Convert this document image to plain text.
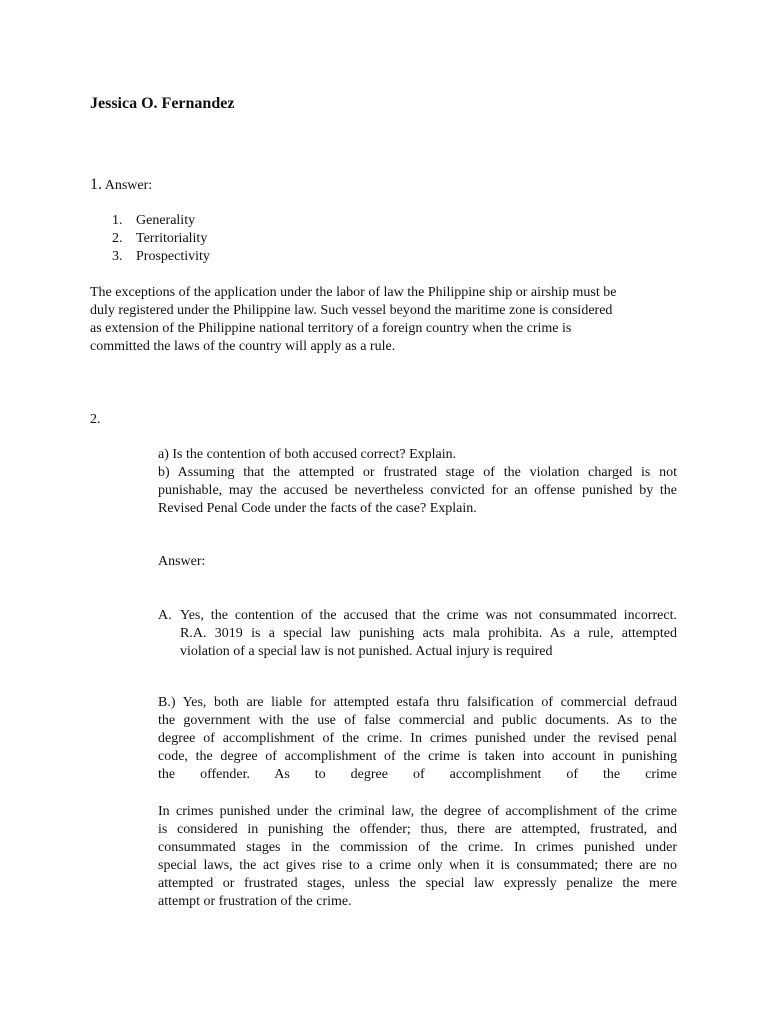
Jessica O. Fernandez
1. Answer:
1. Generality
2. Territoriality
3. Prospectivity
The exceptions of the application under the labor of law the Philippine ship or airship must be
duly registered under the Philippine law. Such vessel beyond the maritime zone is considered
as extension of the Philippine national territory of a foreign country when the crime is
committed the laws of the country will apply as a rule.
2.
a) Is the contention of both accused correct? Explain.
b) Assuming that the attempted or frustrated stage of the violation charged is not
punishable, may the accused be nevertheless convicted for an offense punished by the
Revised Penal Code under the facts of the case? Explain.
Answer:
A. Yes, the contention of the accused that the crime was not consummated incorrect.
R.A. 3019 is a special law punishing acts mala prohibita. As a rule, attempted
violation of a special law is not punished. Actual injury is required
B.) Yes, both are liable for attempted estafa thru falsification of commercial defraud
the government with the use of false commercial and public documents. As to the
degree of accomplishment of the crime. In crimes punished under the revised penal
code, the degree of accomplishment of the crime is taken into account in punishing
the offender. As to degree of accomplishment of the crime
In crimes punished under the criminal law, the degree of accomplishment of the crime
is considered in punishing the offender; thus, there are attempted, frustrated, and
consummated stages in the commission of the crime. In crimes punished under
special laws, the act gives rise to a crime only when it is consummated; there are no
attempted or frustrated stages, unless the special law expressly penalize the mere
attempt or frustration of the crime.
